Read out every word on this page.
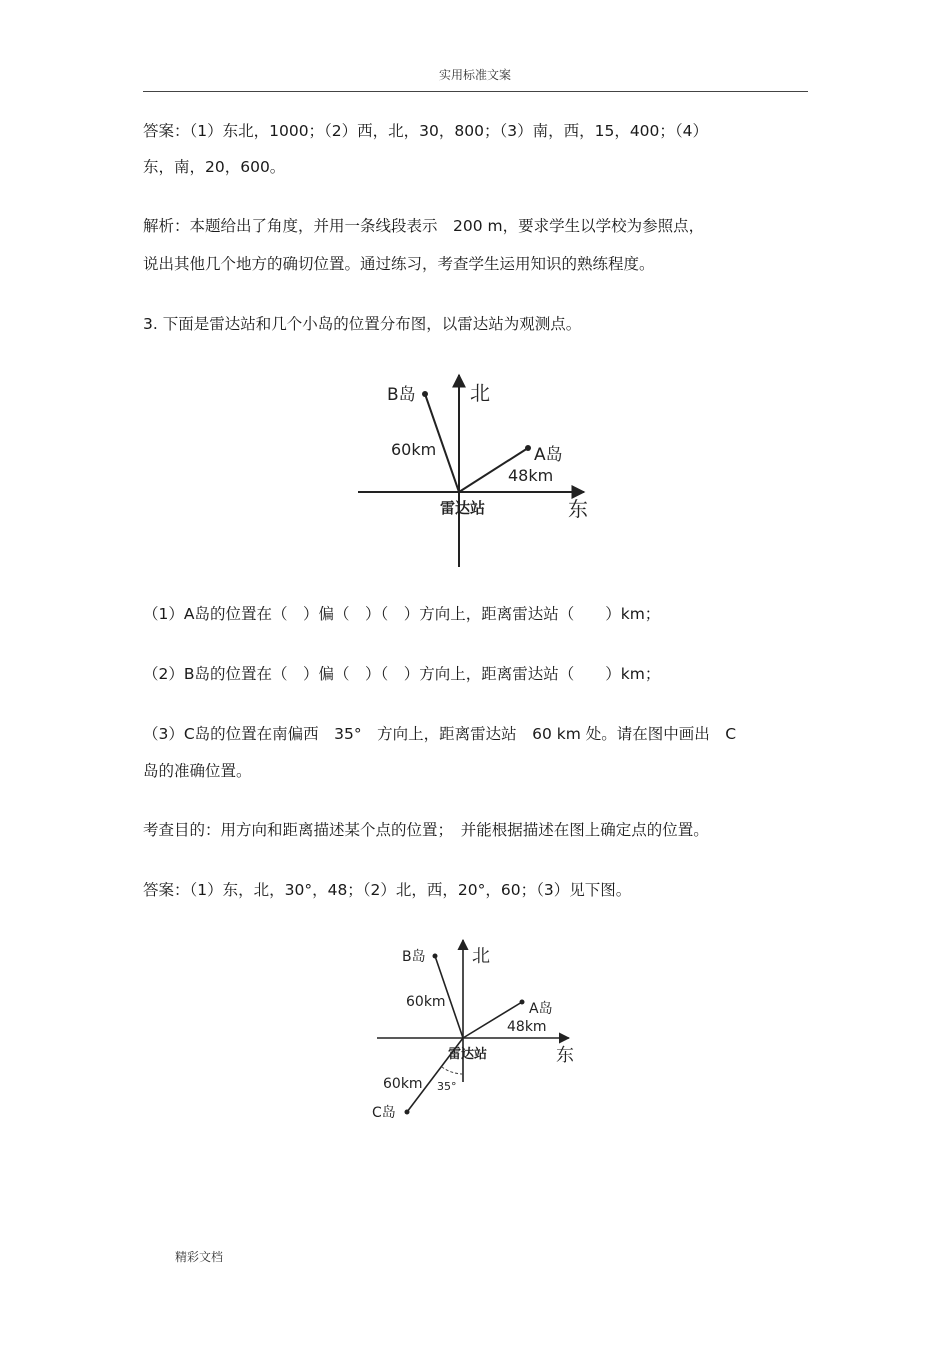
实用标准文案

答案：（1）东北，1000；（2）西，北，30，800；（3）南，西，15，400；（4）

东，南，20，600。

解析：本题给出了角度，并用一条线段表示　200 m，要求学生以学校为参照点，

说出其他几个地方的确切位置。通过练习，考查学生运用知识的熟练程度。

3. 下面是雷达站和几个小岛的位置分布图，以雷达站为观测点。

B岛	北
60km	A岛
48km
雷达站	东

（1）A岛的位置在（　）偏（　）（　）方向上，距离雷达站（　　）km；

（2）B岛的位置在（　）偏（　）（　）方向上，距离雷达站（　　）km；

（3）C岛的位置在南偏西　35°　方向上，距离雷达站　60 km 处。请在图中画出　C

岛的准确位置。

考查目的：用方向和距离描述某个点的位置；　并能根据描述在图上确定点的位置。

答案：（1）东，北，30°，48；（2）北，西，20°，60；（3）见下图。

B岛	北
60km	A岛
48km
雷达站	东
60km 35°
C岛
精彩文档
